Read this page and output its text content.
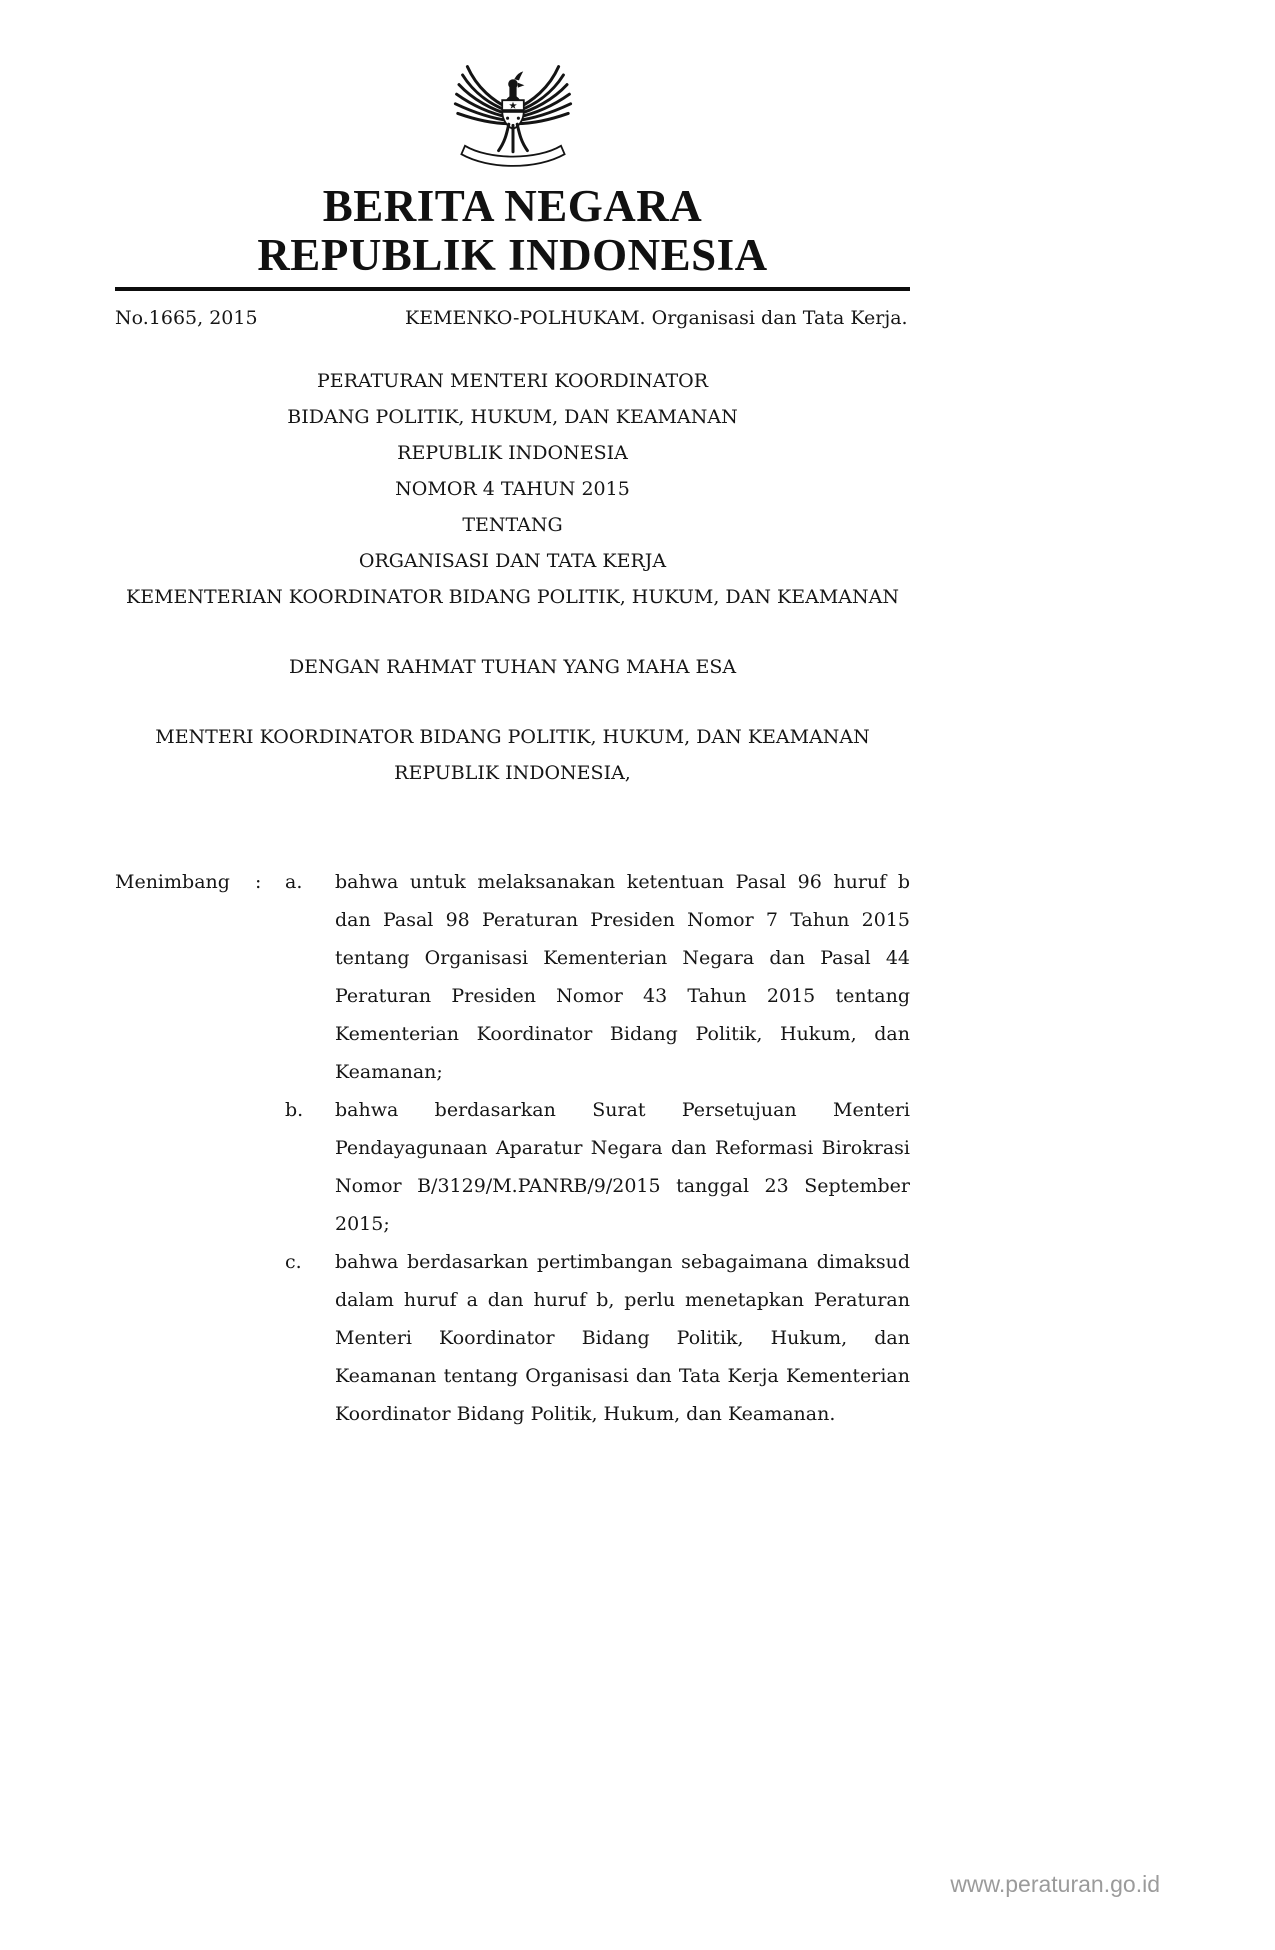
BERITA NEGARA
REPUBLIK INDONESIA
No.1665, 2015	KEMENKO-POLHUKAM. Organisasi dan Tata Kerja.

PERATURAN MENTERI KOORDINATOR

BIDANG POLITIK, HUKUM, DAN KEAMANAN

REPUBLIK INDONESIA

NOMOR 4 TAHUN 2015

TENTANG

ORGANISASI DAN TATA KERJA

KEMENTERIAN KOORDINATOR BIDANG POLITIK, HUKUM, DAN KEAMANAN

DENGAN RAHMAT TUHAN YANG MAHA ESA

MENTERI KOORDINATOR BIDANG POLITIK, HUKUM, DAN KEAMANAN

REPUBLIK INDONESIA,

Menimbang	:	a.	bahwa untuk melaksanakan ketentuan Pasal 96 huruf b dan Pasal 98 Peraturan Presiden Nomor 7 Tahun 2015 tentang Organisasi Kementerian Negara dan Pasal 44 Peraturan Presiden Nomor 43 Tahun 2015 tentang Kementerian Koordinator Bidang Politik, Hukum, dan Keamanan;

b.	bahwa berdasarkan Surat Persetujuan Menteri Pendayagunaan Aparatur Negara dan Reformasi Birokrasi Nomor B/3129/M.PANRB/9/2015 tanggal 23 September 2015;

c.	bahwa berdasarkan pertimbangan sebagaimana dimaksud dalam huruf a dan huruf b, perlu menetapkan Peraturan Menteri Koordinator Bidang Politik, Hukum, dan Keamanan tentang Organisasi dan Tata Kerja Kementerian Koordinator Bidang Politik, Hukum, dan Keamanan.

www.peraturan.go.id
